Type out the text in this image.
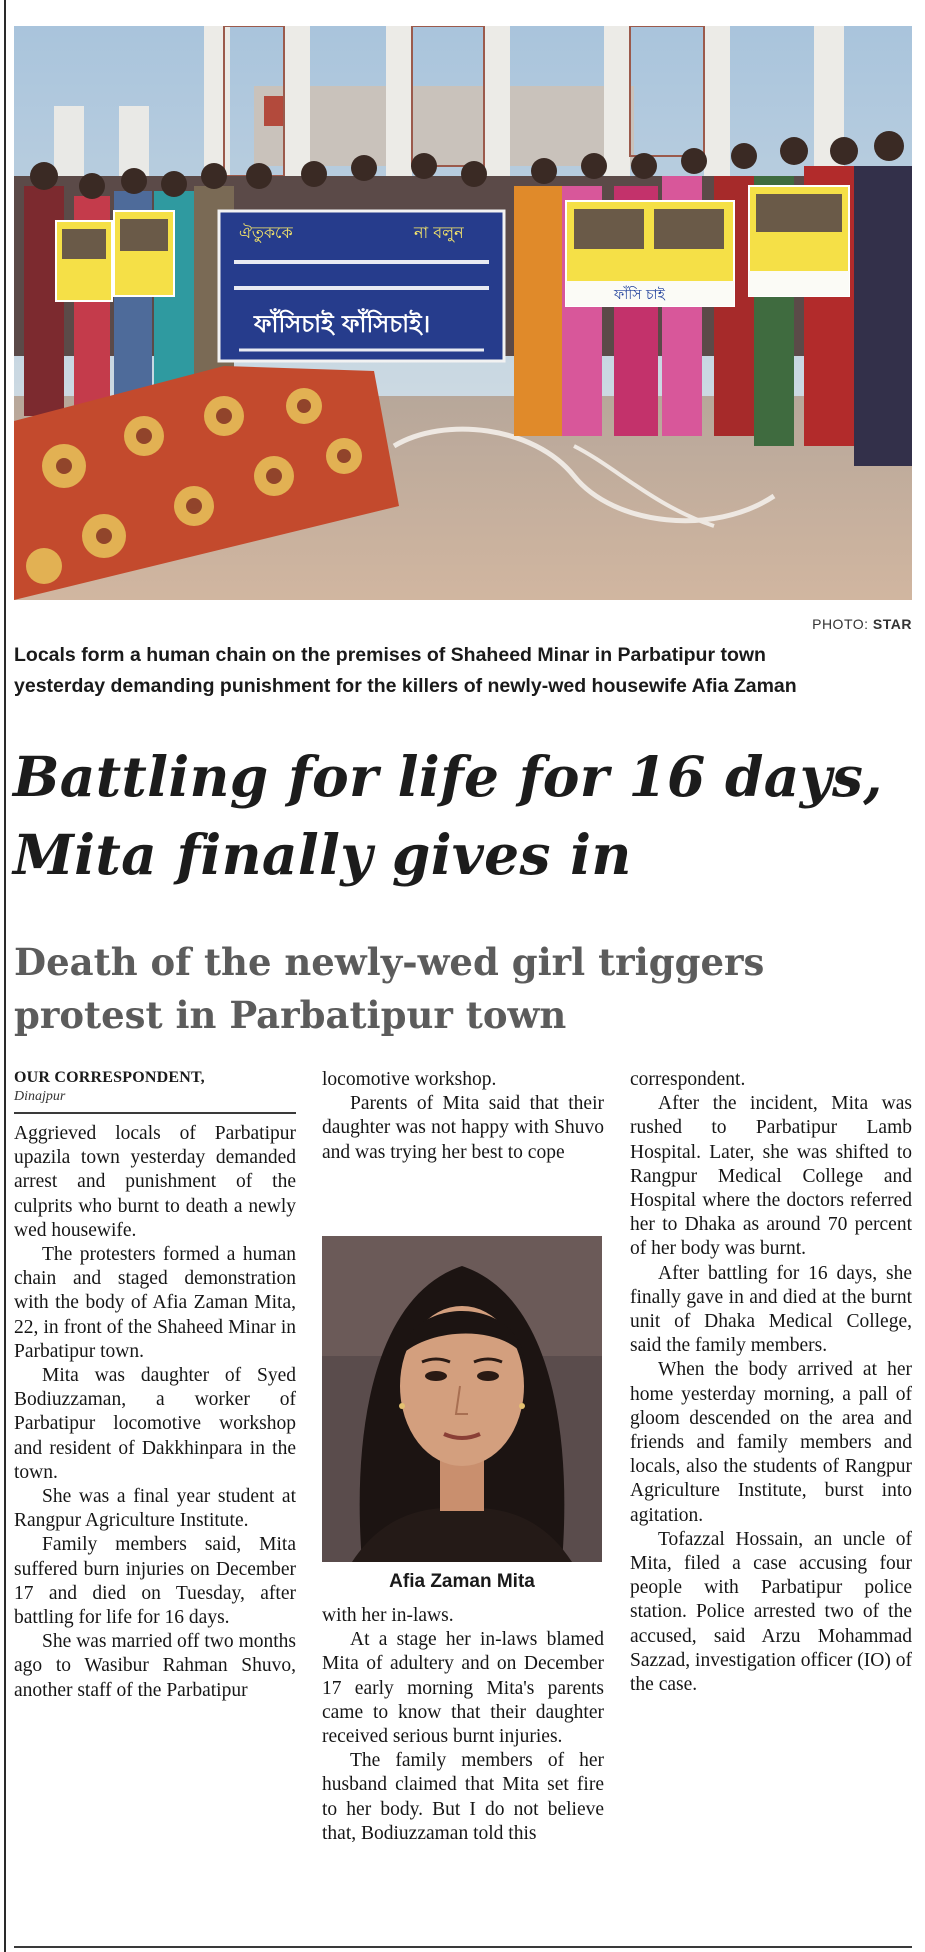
ঐতুককে	না বলুন
ফাঁসিচাই ফাঁসিচাই।
ফাঁসি চাই
PHOTO: STAR

Locals form a human chain on the premises of Shaheed Minar in Parbatipur town

yesterday demanding punishment for the killers of newly-wed housewife Afia Zaman

Battling for life for 16 days,

Mita finally gives in

Death of the newly-wed girl triggers

protest in Parbatipur town

OUR CORRESPONDENT,
Dinajpur

Aggrieved locals of Parbatipur upazila town yesterday demanded arrest and punishment of the culprits who burnt to death a newly wed housewife.

The protesters formed a human chain and staged demonstration with the body of Afia Zaman Mita, 22, in front of the Shaheed Minar in Parbatipur town.

Mita was daughter of Syed Bodiuzzaman, a worker of Parbatipur locomotive workshop and resident of Dakkhinpara in the town.

She was a final year student at Rangpur Agriculture Institute.

Family members said, Mita suffered burn injuries on December 17 and died on Tuesday, after battling for life for 16 days.

She was married off two months ago to Wasibur Rahman Shuvo, another staff of the Parbatipur

locomotive workshop.

Parents of Mita said that their daughter was not happy with Shuvo and was trying her best to cope

Afia Zaman Mita

with her in-laws.

At a stage her in-laws blamed Mita of adultery and on December 17 early morning Mita's parents came to know that their daughter received serious burnt injuries.

The family members of her husband claimed that Mita set fire to her body. But I do not believe that, Bodiuzzaman told this

correspondent.

After the incident, Mita was rushed to Parbatipur Lamb Hospital. Later, she was shifted to Rangpur Medical College and Hospital where the doctors referred her to Dhaka as around 70 percent of her body was burnt.

After battling for 16 days, she finally gave in and died at the burnt unit of Dhaka Medical College, said the family members.

When the body arrived at her home yesterday morning, a pall of gloom descended on the area and friends and family members and locals, also the students of Rangpur Agriculture Institute, burst into agitation.

Tofazzal Hossain, an uncle of Mita, filed a case accusing four people with Parbatipur police station. Police arrested two of the accused, said Arzu Mohammad Sazzad, investigation officer (IO) of the case.
